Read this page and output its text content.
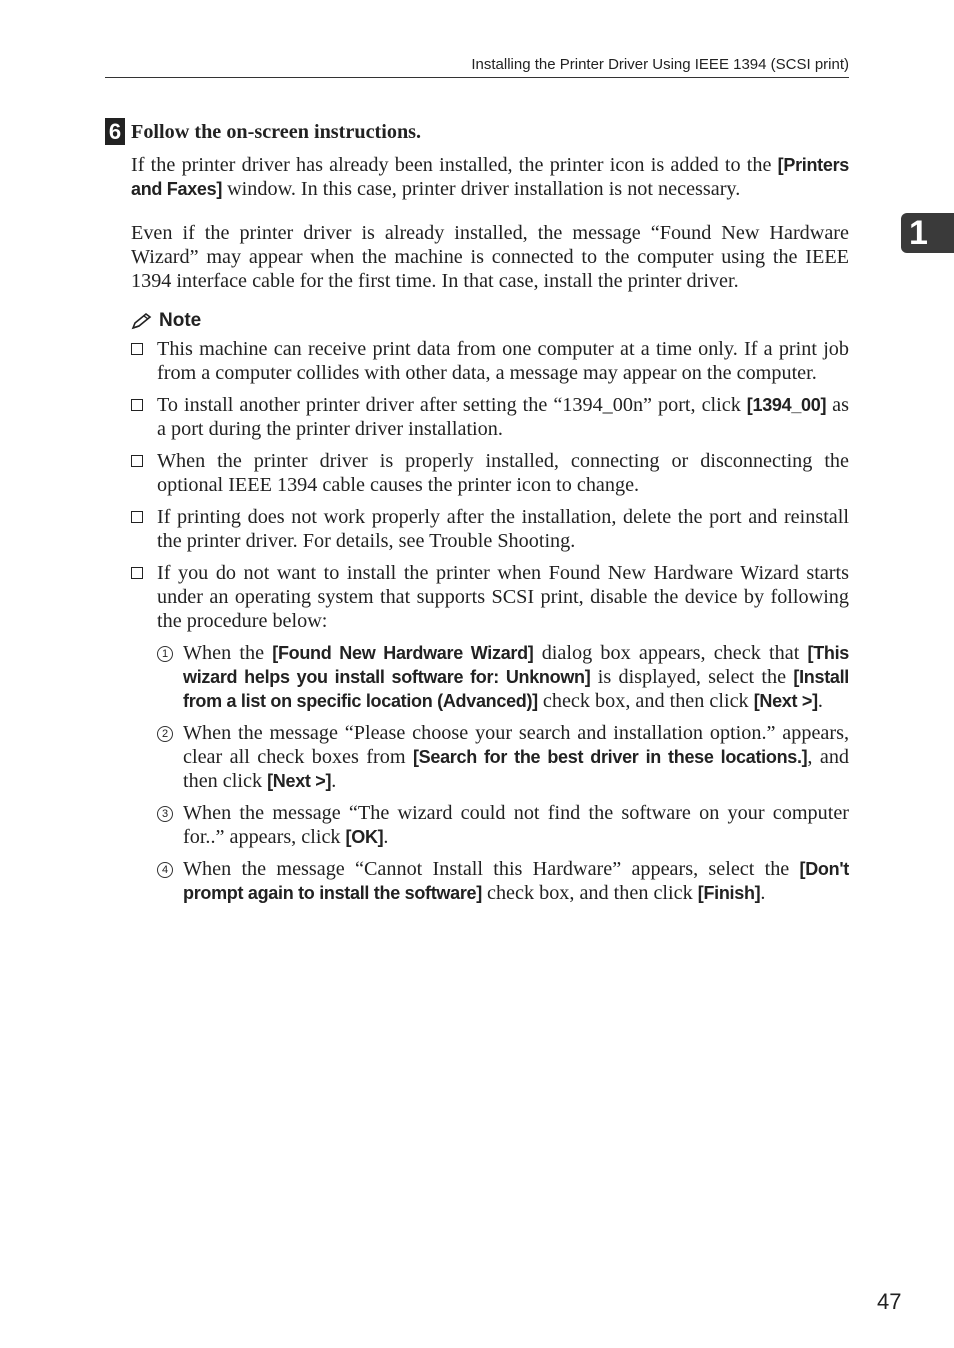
Installing the Printer Driver Using IEEE 1394 (SCSI print)
1
6 Follow the on-screen instructions.

If the printer driver has already been installed, the printer icon is added to the [Printers and Faxes] window. In this case, printer driver installation is not necessary.

Even if the printer driver is already installed, the message “Found New Hardware Wizard” may appear when the machine is connected to the computer using the IEEE 1394 interface cable for the first time. In that case, install the printer driver.

Note
This machine can receive print data from one computer at a time only. If a print job from a computer collides with other data, a message may appear on the computer.
To install another printer driver after setting the “1394_00n” port, click [1394_00] as a port during the printer driver installation.
When the printer driver is properly installed, connecting or disconnecting the optional IEEE 1394 cable causes the printer icon to change.
If printing does not work properly after the installation, delete the port and reinstall the printer driver. For details, see Trouble Shooting.
If you do not want to install the printer when Found New Hardware Wizard starts under an operating system that supports SCSI print, disable the device by following the procedure below:
1 When the [Found New Hardware Wizard] dialog box appears, check that [This wizard helps you install software for: Unknown] is displayed, select the [Install from a list on specific location (Advanced)] check box, and then click [Next >].
2 When the message “Please choose your search and installation option.” appears, clear all check boxes from [Search for the best driver in these locations.], and then click [Next >].
3 When the message “The wizard could not find the software on your computer for..” appears, click [OK].
4 When the message “Cannot Install this Hardware” appears, select the [Don't prompt again to install the software] check box, and then click [Finish].
47
